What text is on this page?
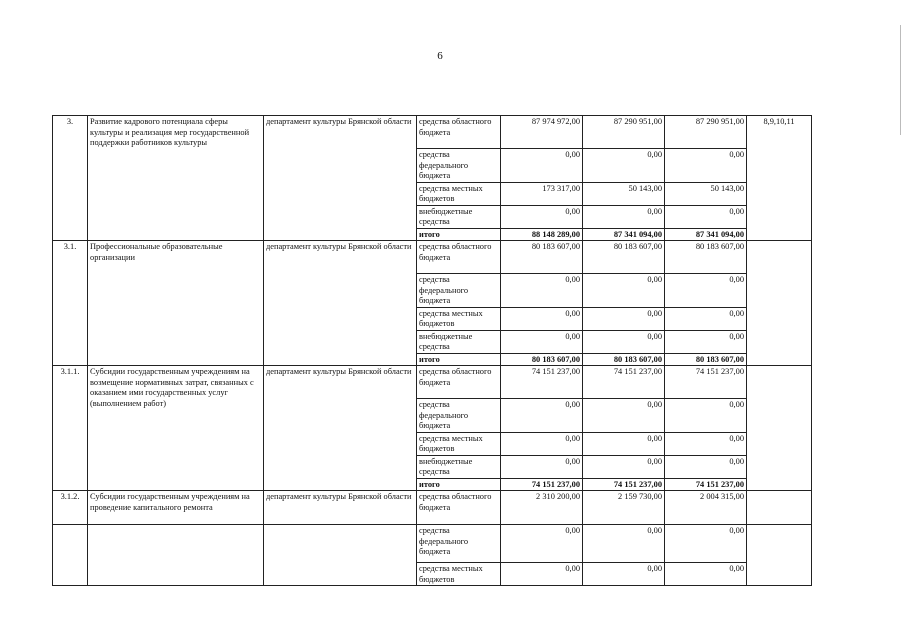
6
3.	Развитие кадрового потенциала сферы культуры и реализация мер государственной поддержки работников культуры	департамент культуры Брянской области	средства областного бюджета	87 974 972,00	87 290 951,00	87 290 951,00	8,9,10,11
			средства федерального бюджета	0,00	0,00	0,00	
			средства местных бюджетов	173 317,00	50 143,00	50 143,00	
			внебюджетные средства	0,00	0,00	0,00	
			итого	88 148 289,00	87 341 094,00	87 341 094,00	
3.1.	Профессиональные образовательные организации	департамент культуры Брянской области	средства областного бюджета	80 183 607,00	80 183 607,00	80 183 607,00	
			средства федерального бюджета	0,00	0,00	0,00	
			средства местных бюджетов	0,00	0,00	0,00	
			внебюджетные средства	0,00	0,00	0,00	
			итого	80 183 607,00	80 183 607,00	80 183 607,00	
3.1.1.	Субсидии государственным учреждениям на возмещение нормативных затрат, связанных с оказанием ими государственных услуг (выполнением работ)	департамент культуры Брянской области	средства областного бюджета	74 151 237,00	74 151 237,00	74 151 237,00	
			средства федерального бюджета	0,00	0,00	0,00	
			средства местных бюджетов	0,00	0,00	0,00	
			внебюджетные средства	0,00	0,00	0,00	
			итого	74 151 237,00	74 151 237,00	74 151 237,00	
3.1.2.	Субсидии государственным учреждениям на проведение капитального ремонта	департамент культуры Брянской области	средства областного бюджета	2 310 200,00	2 159 730,00	2 004 315,00	
			средства федерального бюджета	0,00	0,00	0,00	
			средства местных бюджетов	0,00	0,00	0,00	
